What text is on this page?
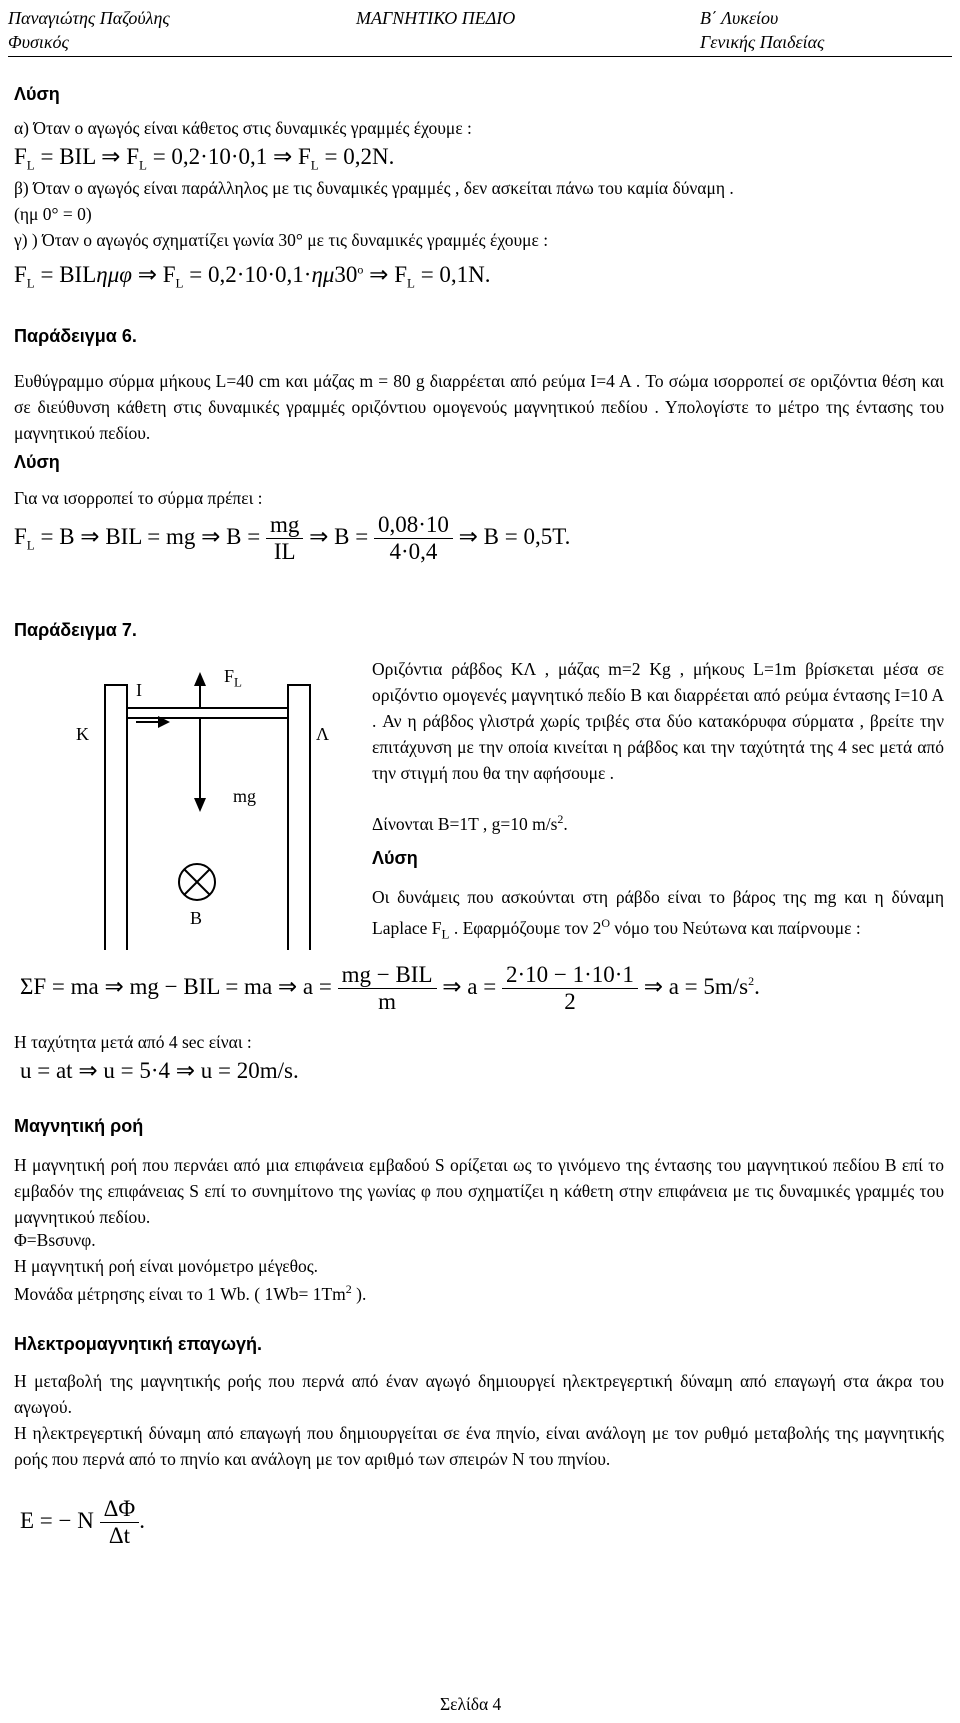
Παναγιώτης Παζούλης
Φυσικός
ΜΑΓΝΗΤΙΚΟ ΠΕΔΙΟ	Β΄ Λυκείου
Γενικής Παιδείας
Λύση
α) Όταν ο αγωγός είναι κάθετος στις δυναμικές γραμμές έχουμε :
$F_L$ = BIL ⇒ $F_L = 0,2\cdot 10\cdot 0,1$ ⇒ $F_L = 0,2N$.
β) Όταν ο αγωγός είναι παράλληλος με τις δυναμικές γραμμές , δεν ασκείται πάνω του καμία δύναμη .
(ημ 0° = 0)
γ) ) Όταν ο αγωγός σχηματίζει γωνία 30° με τις δυναμικές γραμμές έχουμε :
$F_L = BIL\eta\mu\varphi$ ⇒ $F_L = 0,2\cdot 10\cdot 0,1\cdot\eta\mu 30^o$ ⇒ $F_L = 0,1N$.
Παράδειγμα 6.
Ευθύγραμμο σύρμα μήκους L=40 cm και μάζας m = 80 g διαρρέεται από ρεύμα I=4 A . Το σώμα ισορροπεί σε οριζόντια θέση και σε διεύθυνση κάθετη στις δυναμικές γραμμές οριζόντιου ομογενούς μαγνητικού πεδίου . Υπολογίστε το μέτρο της έντασης του μαγνητικού πεδίου.
Λύση
Για να ισορροπεί το σύρμα πρέπει :
$F_L = B$ ⇒ BIL = mg ⇒ $B = \frac{mg}{IL}$ ⇒ $B = \frac{0,08\cdot 10}{4\cdot 0,4}$ ⇒ B = 0,5T.
Παράδειγμα 7.
K
I
$F_L$
Λ
mg
B
Οριζόντια ράβδος ΚΛ , μάζας m=2 Kg , μήκους L=1m βρίσκεται μέσα σε οριζόντιο ομογενές μαγνητικό πεδίο B και διαρρέεται από ρεύμα έντασης I=10 A . Αν η ράβδος γλιστρά χωρίς τριβές στα δύο κατακόρυφα σύρματα , βρείτε την επιτάχυνση με την οποία κινείται η ράβδος και την ταχύτητά της 4 sec μετά από την στιγμή που θα την αφήσουμε .
Δίνονται B=1T , g=10 $m/s^2$.
Λύση
Οι δυνάμεις που ασκούνται στη ράβδο είναι το βάρος της mg και η δύναμη Laplace $F_L$ . Εφαρμόζουμε τον $2^O$ νόμο του Νεύτωνα και παίρνουμε :
ΣF = ma ⇒ mg − BIL = ma ⇒ $a = \frac{\text{mg − BIL}}{m}$ ⇒ $a = \frac{2\cdot 10 - 1\cdot 10\cdot 1}{2}$ ⇒ $a = 5m/s^2$.
Η ταχύτητα μετά από 4 sec είναι :
u = at ⇒ u = 5·4 ⇒ u = 20m/s.
Μαγνητική ροή
Η μαγνητική ροή που περνάει από μια επιφάνεια εμβαδού S ορίζεται ως το γινόμενο της έντασης του μαγνητικού πεδίου B επί το εμβαδόν της επιφάνειας S επί το συνημίτονο της γωνίας φ που σχηματίζει η κάθετη στην επιφάνεια με τις δυναμικές γραμμές του μαγνητικού πεδίου.
Φ=Bsσυνφ.
Η μαγνητική ροή είναι μονόμετρο μέγεθος.
Μονάδα μέτρησης είναι το 1 Wb. ( $1Wb= 1Tm^2$ ).
Ηλεκτρομαγνητική επαγωγή.
Η μεταβολή της μαγνητικής ροής που περνά από έναν αγωγό δημιουργεί ηλεκτρεγερτική δύναμη από επαγωγή στα άκρα του αγωγού.
Η ηλεκτρεγερτική δύναμη από επαγωγή που δημιουργείται σε ένα πηνίο, είναι ανάλογη με τον ρυθμό μεταβολής της μαγνητικής ροής που περνά από το πηνίο και ανάλογη με τον αριθμό των σπειρών N του πηνίου.
E = − N $\frac{\Delta\Phi}{\Delta t}$ .
Σελίδα 4
